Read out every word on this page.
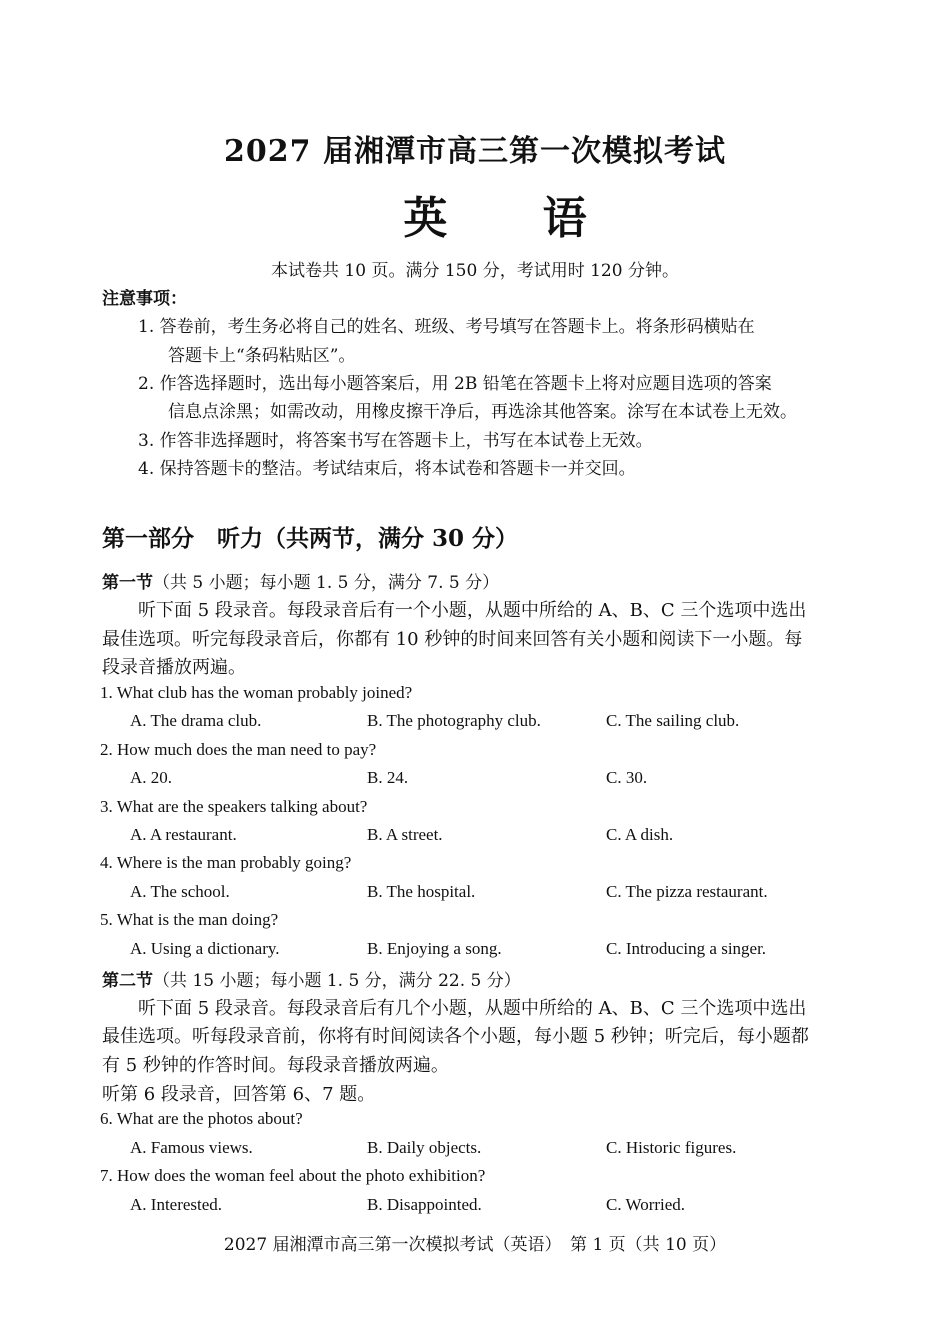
2027 届湘潭市高三第一次模拟考试
英 语
本试卷共 10 页。满分 150 分，考试用时 120 分钟。
注意事项：
1. 答卷前，考生务必将自己的姓名、班级、考号填写在答题卡上。将条形码横贴在
答题卡上“条码粘贴区”。
2. 作答选择题时，选出每小题答案后，用 2B 铅笔在答题卡上将对应题目选项的答案
信息点涂黑；如需改动，用橡皮擦干净后，再选涂其他答案。涂写在本试卷上无效。
3. 作答非选择题时，将答案书写在答题卡上，书写在本试卷上无效。
4. 保持答题卡的整洁。考试结束后，将本试卷和答题卡一并交回。
第一部分　听力（共两节，满分 30 分）
第一节（共 5 小题；每小题 1. 5 分，满分 7. 5 分）
听下面 5 段录音。每段录音后有一个小题，从题中所给的 A、B、C 三个选项中选出
最佳选项。听完每段录音后，你都有 10 秒钟的时间来回答有关小题和阅读下一小题。每
段录音播放两遍。
1. What club has the woman probably joined?
A. The drama club.	B. The photography club.	C. The sailing club.
2. How much does the man need to pay?
A. 20.	B. 24.	C. 30.
3. What are the speakers talking about?
A. A restaurant.	B. A street.	C. A dish.
4. Where is the man probably going?
A. The school.	B. The hospital.	C. The pizza restaurant.
5. What is the man doing?
A. Using a dictionary.	B. Enjoying a song.	C. Introducing a singer.
第二节（共 15 小题；每小题 1. 5 分，满分 22. 5 分）
听下面 5 段录音。每段录音后有几个小题，从题中所给的 A、B、C 三个选项中选出
最佳选项。听每段录音前，你将有时间阅读各个小题，每小题 5 秒钟；听完后，每小题都
有 5 秒钟的作答时间。每段录音播放两遍。
听第 6 段录音，回答第 6、7 题。
6. What are the photos about?
A. Famous views.	B. Daily objects.	C. Historic figures.
7. How does the woman feel about the photo exhibition?
A. Interested.	B. Disappointed.	C. Worried.
2027 届湘潭市高三第一次模拟考试（英语）　第 1 页（共 10 页）
